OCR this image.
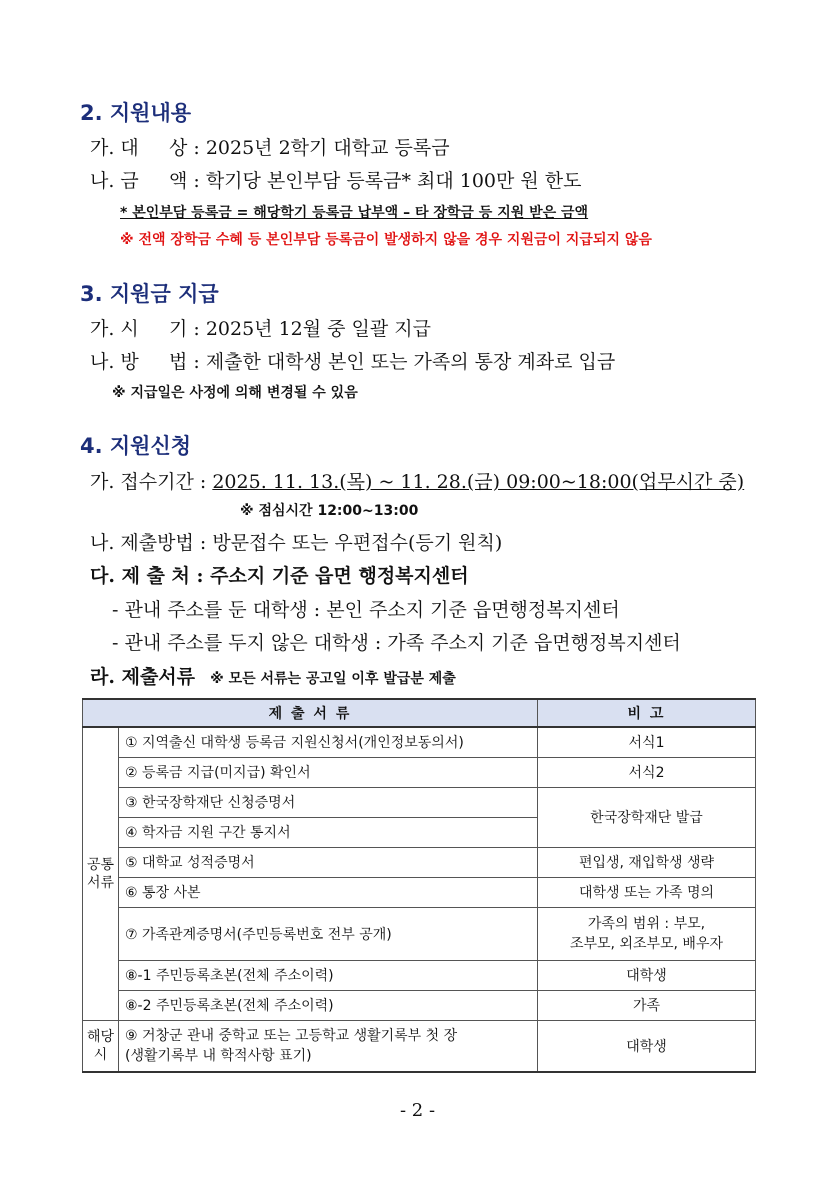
2. 지원내용
가. 대     상 : 2025년 2학기 대학교 등록금
나. 금     액 : 학기당 본인부담 등록금* 최대 100만 원 한도
* 본인부담 등록금 = 해당학기 등록금 납부액 – 타 장학금 등 지원 받은 금액
※ 전액 장학금 수혜 등 본인부담 등록금이 발생하지 않을 경우 지원금이 지급되지 않음
3. 지원금 지급
가. 시     기 : 2025년 12월 중 일괄 지급
나. 방     법 : 제출한 대학생 본인 또는 가족의 통장 계좌로 입금
※ 지급일은 사정에 의해 변경될 수 있음
4. 지원신청
가. 접수기간 : 2025. 11. 13.(목) ~ 11. 28.(금) 09:00~18:00(업무시간 중)
※ 점심시간 12:00~13:00
나. 제출방법 : 방문접수 또는 우편접수(등기 원칙)
다. 제 출 처 : 주소지 기준 읍면 행정복지센터
- 관내 주소를 둔 대학생 : 본인 주소지 기준 읍면행정복지센터
- 관내 주소를 두지 않은 대학생 : 가족 주소지 기준 읍면행정복지센터
라. 제출서류 ※ 모든 서류는 공고일 이후 발급분 제출
제 출 서 류		비 고
공통
서류	① 지역출신 대학생 등록금 지원신청서(개인정보동의서)	서식1
	② 등록금 지급(미지급) 확인서	서식2
	③ 한국장학재단 신청증명서	한국장학재단 발급
	④ 학자금 지원 구간 통지서	
	⑤ 대학교 성적증명서	편입생, 재입학생 생략
	⑥ 통장 사본	대학생 또는 가족 명의
	⑦ 가족관계증명서(주민등록번호 전부 공개)	가족의 범위 : 부모,
조부모, 외조부모, 배우자
	⑧-1 주민등록초본(전체 주소이력)	대학생
	⑧-2 주민등록초본(전체 주소이력)	가족
해당
시	⑨ 거창군 관내 중학교 또는 고등학교 생활기록부 첫 장
(생활기록부 내 학적사항 표기)	대학생
- 2 -
